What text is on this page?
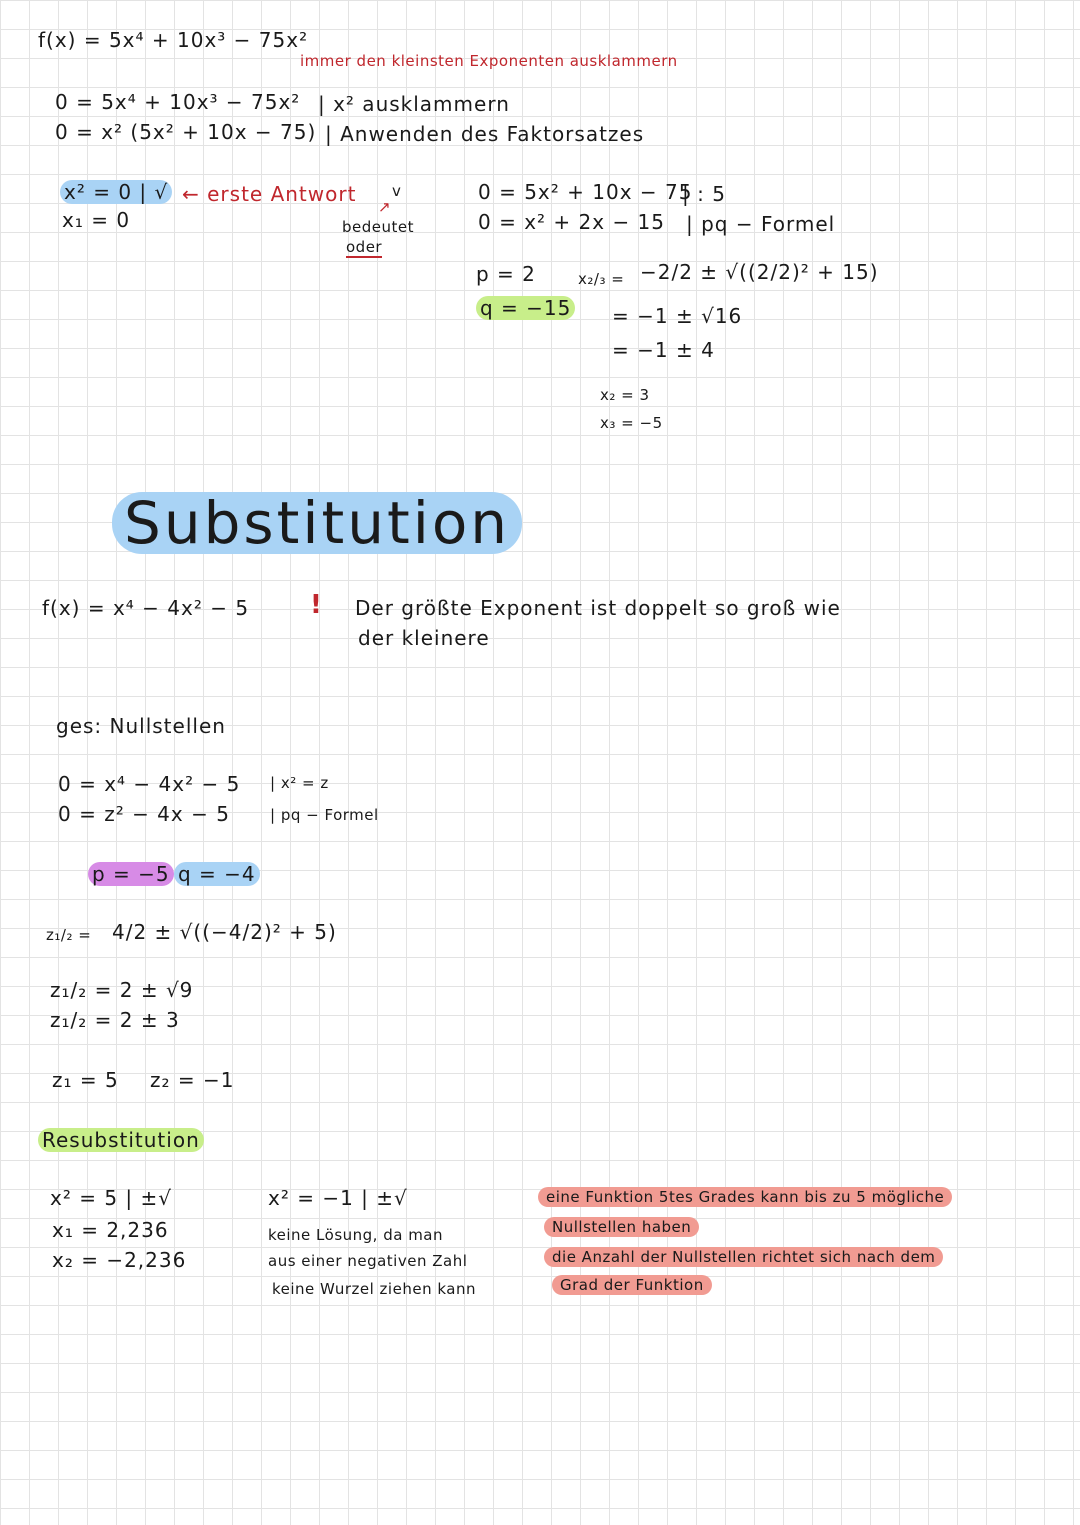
f(x) = 5x⁴ + 10x³ − 75x²
immer den kleinsten Exponenten ausklammern
0 = 5x⁴ + 10x³ − 75x² | x² ausklammern
0 = x² (5x² + 10x − 75) | Anwenden des Faktorsatzes
x² = 0 | √ ← erste Antwort
x₁ = 0
v
↗
bedeutet
oder
0 = 5x² + 10x − 75
| : 5
0 = x² + 2x − 15 | pq − Formel
p = 2
q = −15
x₂/₃ = −2/2 ± √((2/2)² + 15)
= −1 ± √16
= −1 ± 4
x₂ = 3
x₃ = −5
Substitution
f(x) = x⁴ − 4x² − 5 ! Der größte Exponent ist doppelt so groß wie
der kleinere
ges: Nullstellen
0 = x⁴ − 4x² − 5 | x² = z
0 = z² − 4x − 5	| pq − Formel
p = −5 q = −4
z₁/₂ = 4/2 ± √((−4/2)² + 5)
z₁/₂ = 2 ± √9
z₁/₂ = 2 ± 3
z₁ = 5 z₂ = −1
Resubstitution
x² = 5 | ±√
x₁ = 2,236
x₂ = −2,236
x² = −1 | ±√
keine Lösung, da man
aus einer negativen Zahl
keine Wurzel ziehen kann
eine Funktion 5tes Grades kann bis zu 5 mögliche
Nullstellen haben
die Anzahl der Nullstellen richtet sich nach dem
Grad der Funktion
